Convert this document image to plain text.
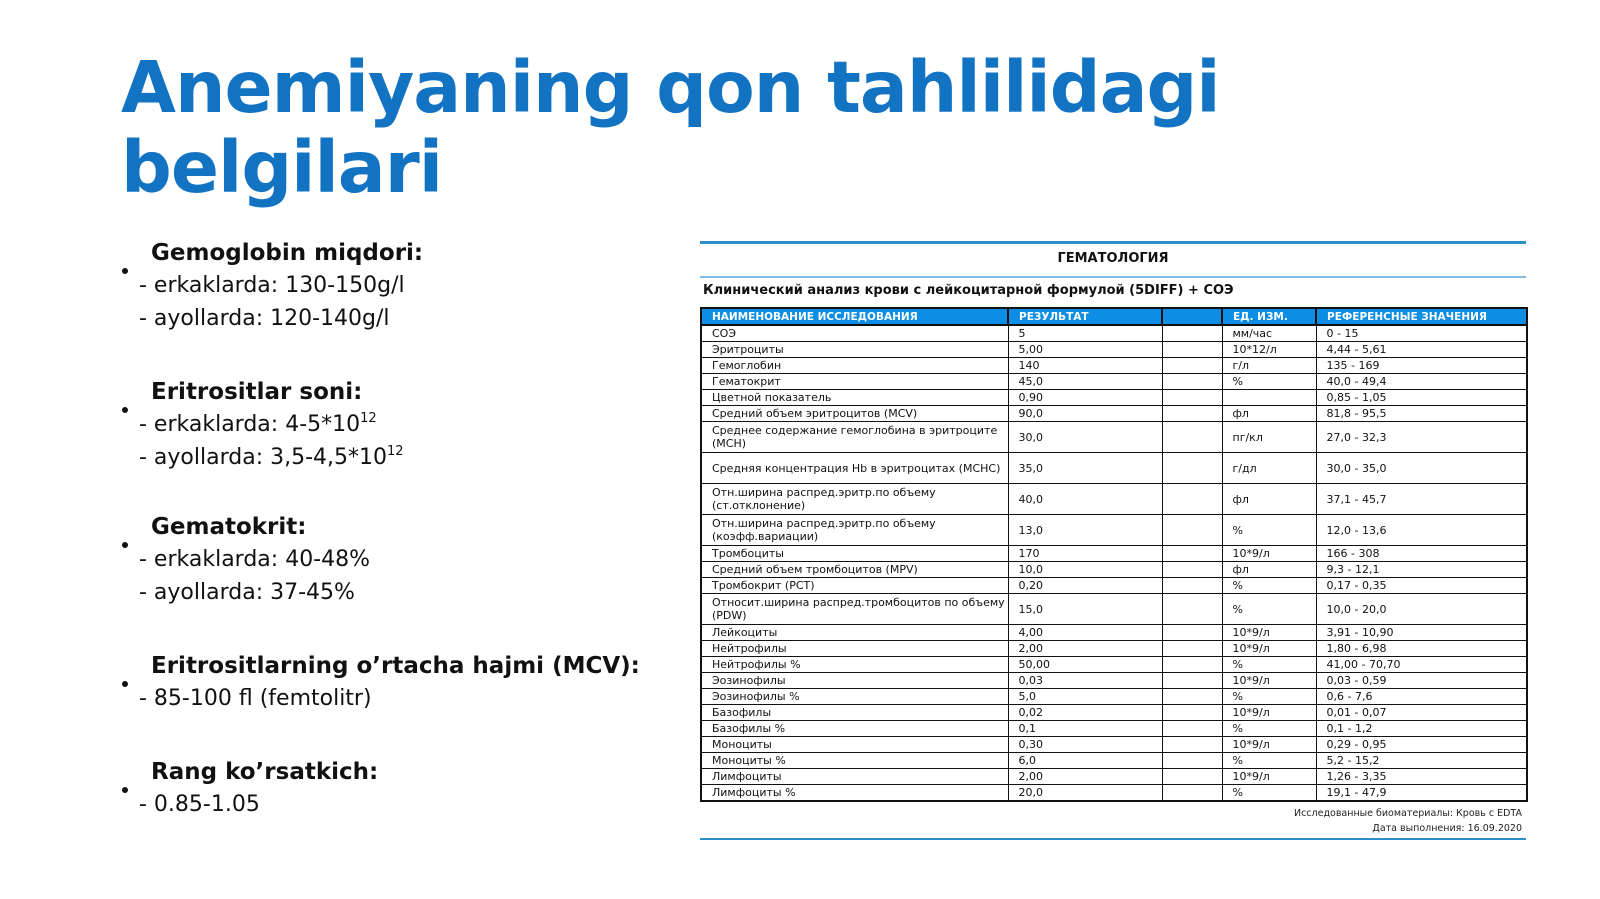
Anemiyaning qon tahlilidagi
belgilari
Gemoglobin miqdori:
- erkaklarda: 130-150g/l
- ayollarda: 120-140g/l
Eritrositlar soni:
- erkaklarda: $4-5*10^{12}$
- ayollarda: $3,5-4,5*10^{12}$
Gematokrit:
- erkaklarda: 40-48%
- ayollarda: 37-45%
Eritrositlarning o’rtacha hajmi (MCV):
- 85-100 fl (femtolitr)
Rang ko’rsatkich:
- 0.85-1.05
ГЕМАТОЛОГИЯ
Клинический анализ крови с лейкоцитарной формулой (5DIFF) + СОЭ
НАИМЕНОВАНИЕ ИССЛЕДОВАНИЯ	РЕЗУЛЬТАТ		ЕД. ИЗМ.	РЕФЕРЕНСНЫЕ ЗНАЧЕНИЯ
СОЭ	5		мм/час	0 - 15
Эритроциты	5,00		10*12/л	4,44 - 5,61
Гемоглобин	140		г/л	135 - 169
Гематокрит	45,0		%	40,0 - 49,4
Цветной показатель	0,90			0,85 - 1,05
Средний объем эритроцитов (MCV)	90,0		фл	81,8 - 95,5
Среднее содержание гемоглобина в эритроците (МСН)	30,0		пг/кл	27,0 - 32,3
Средняя концентрация Hb в эритроцитах (МСНС)	35,0		г/дл	30,0 - 35,0
Отн.ширина распред.эритр.по объему (ст.отклонение)	40,0		фл	37,1 - 45,7
Отн.ширина распред.эритр.по объему (коэфф.вариации)	13,0		%	12,0 - 13,6
Тромбоциты	170		10*9/л	166 - 308
Средний объем тромбоцитов (MPV)	10,0		фл	9,3 - 12,1
Тромбокрит (PCT)	0,20		%	0,17 - 0,35
Относит.ширина распред.тромбоцитов по объему (PDW)	15,0		%	10,0 - 20,0
Лейкоциты	4,00		10*9/л	3,91 - 10,90
Нейтрофилы	2,00		10*9/л	1,80 - 6,98
Нейтрофилы %	50,00		%	41,00 - 70,70
Эозинофилы	0,03		10*9/л	0,03 - 0,59
Эозинофилы %	5,0		%	0,6 - 7,6
Базофилы	0,02		10*9/л	0,01 - 0,07
Базофилы %	0,1		%	0,1 - 1,2
Моноциты	0,30		10*9/л	0,29 - 0,95
Моноциты %	6,0		%	5,2 - 15,2
Лимфоциты	2,00		10*9/л	1,26 - 3,35
Лимфоциты %	20,0		%	19,1 - 47,9
Исследованные биоматериалы: Кровь с EDTA
Дата выполнения: 16.09.2020
